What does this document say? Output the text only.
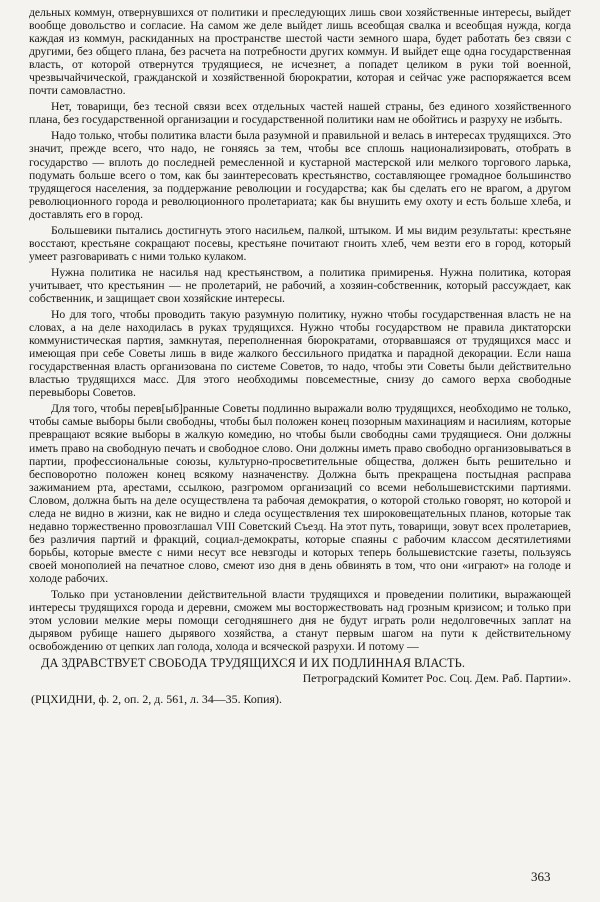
дельных коммун, отвернувшихся от политики и преследующих лишь свои хозяйственные интересы, выйдет вообще довольство и согласие. На самом же деле выйдет лишь всеобщая свалка и всеобщая нужда, когда каждая из коммун, раскиданных на пространстве шестой части земного шара, будет работать без связи с другими, без общего плана, без расчета на потребности других коммун. И выйдет еще одна государственная власть, от которой отвернутся трудящиеся, не исчезнет, а попадет целиком в руки той военной, чрезвычайчической, гражданской и хозяйственной бюрократии, которая и сейчас уже распоряжается всем почти самовластно.

Нет, товарищи, без тесной связи всех отдельных частей нашей страны, без единого хозяйственного плана, без государственной организации и государственной политики нам не обойтись и разруху не избыть.

Надо только, чтобы политика власти была разумной и правильной и велась в интересах трудящихся. Это значит, прежде всего, что надо, не гоняясь за тем, чтобы все сплошь национализировать, отобрать в государство — вплоть до последней ремесленной и кустарной мастерской или мелкого торгового ларька, подумать больше всего о том, как бы заинтересовать крестьянство, составляющее громадное большинство трудящегося населения, за поддержание революции и государства; как бы сделать его не врагом, а другом революционного города и революционного пролетариата; как бы внушить ему охоту и есть больше хлеба, и доставлять его в город.

Большевики пытались достигнуть этого насильем, палкой, штыком. И мы видим результаты: крестьяне восстают, крестьяне сокращают посевы, крестьяне почитают гноить хлеб, чем везти его в город, который умеет разговаривать с ними только кулаком.

Нужна политика не насилья над крестьянством, а политика примиренья. Нужна политика, которая учитывает, что крестьянин — не пролетарий, не рабочий, а хозяин-собственник, который рассуждает, как собственник, и защищает свои хозяйские интересы.

Но для того, чтобы проводить такую разумную политику, нужно чтобы государственная власть не на словах, а на деле находилась в руках трудящихся. Нужно чтобы государством не правила диктаторски коммунистическая партия, замкнутая, переполненная бюрократами, оторвавшаяся от трудящихся масс и имеющая при себе Советы лишь в виде жалкого бессильного придатка и парадной декорации. Если наша государственная власть организована по системе Советов, то надо, чтобы эти Советы были действительно властью трудящихся масс. Для этого необходимы повсеместные, снизу до самого верха свободные перевыборы Советов.

Для того, чтобы перев[ыб]ранные Советы подлинно выражали волю трудящихся, необходимо не только, чтобы самые выборы были свободны, чтобы был положен конец позорным махинациям и насилиям, которые превращают всякие выборы в жалкую комедию, но чтобы были свободны сами трудящиеся. Они должны иметь право на свободную печать и свободное слово. Они должны иметь право свободно организовываться в партии, профессиональные союзы, культурно-просветительные общества, должен быть решительно и бесповоротно положен конец всякому назначенству. Должна быть прекращена постыдная расправа зажиманием рта, арестами, ссылкою, разгромом организаций со всеми небольшевистскими партиями. Словом, должна быть на деле осуществлена та рабочая демократия, о которой столько говорят, но которой и следа не видно в жизни, как не видно и следа осуществления тех широковещательных планов, которые так недавно торжественно провозглашал VIII Советский Съезд. На этот путь, товарищи, зовут всех пролетариев, без различия партий и фракций, социал-демократы, которые спаяны с рабочим классом десятилетиями борьбы, которые вместе с ними несут все невзгоды и которых теперь большевистские газеты, пользуясь своей монополией на печатное слово, смеют изо дня в день обвинять в том, что они «играют» на голоде и холоде рабочих.

Только при установлении действительной власти трудящихся и проведении политики, выражающей интересы трудящихся города и деревни, сможем мы восторжествовать над грозным кризисом; и только при этом условии мелкие меры помощи сегодняшнего дня не будут играть роли недолговечных заплат на дырявом рубище нашего дырявого хозяйства, а станут первым шагом на пути к действительному освобождению от цепких лап голода, холода и всяческой разрухи. И потому —

ДА ЗДРАВСТВУЕТ СВОБОДА ТРУДЯЩИХСЯ И ИХ ПОДЛИННАЯ ВЛАСТЬ.
Петроградский Комитет Рос. Соц. Дем. Раб. Партии».
(РЦХИДНИ, ф. 2, оп. 2, д. 561, л. 34—35. Копия).
363
